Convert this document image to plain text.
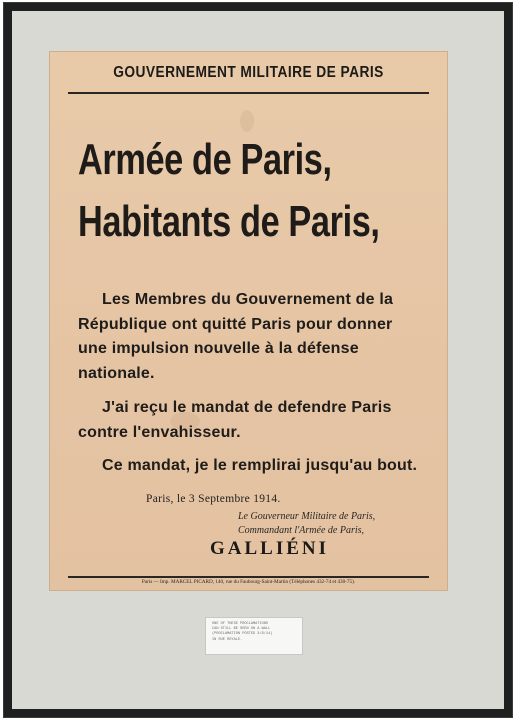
GOUVERNEMENT MILITAIRE DE PARIS
Armée de Paris,
Habitants de Paris,
Les Membres du Gouvernement de la
République ont quitté Paris pour donner
une impulsion nouvelle à la défense
nationale.
J'ai reçu le mandat de defendre Paris
contre l'envahisseur.
Ce mandat, je le remplirai jusqu'au bout.
Paris, le 3 Septembre 1914.
Le Gouverneur Militaire de Paris,
Commandant l'Armée de Paris,
GALLIÉNI
Paris — Imp. MARCEL PICARD, 140, rue du Faubourg-Saint-Martin (Téléphones 432-74 et 430-75).
ONE OF THESE PROCLAMATIONS
CAN STILL BE SEEN ON A WALL
(PROCLAMATION POSTED 3/9/14)
IN RUE ROYALE.
